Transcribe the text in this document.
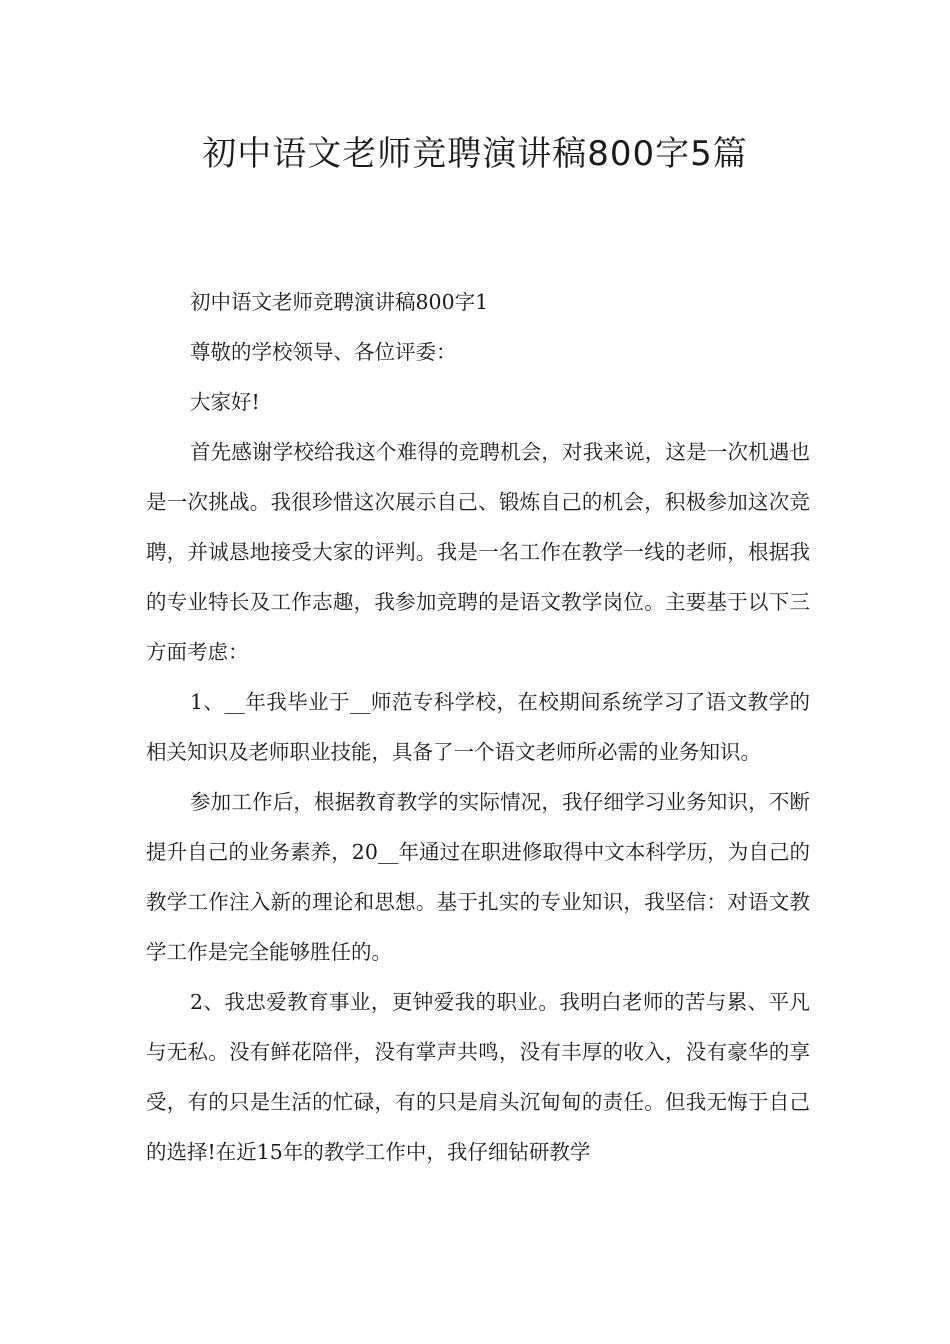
初中语文老师竞聘演讲稿800字5篇

初中语文老师竞聘演讲稿800字1

尊敬的学校领导、各位评委：

大家好!

首先感谢学校给我这个难得的竞聘机会，对我来说，这是一次机遇也是一次挑战。我很珍惜这次展示自己、锻炼自己的机会，积极参加这次竞聘，并诚恳地接受大家的评判。我是一名工作在教学一线的老师，根据我的专业特长及工作志趣，我参加竞聘的是语文教学岗位。主要基于以下三方面考虑：

1、__年我毕业于__师范专科学校，在校期间系统学习了语文教学的相关知识及老师职业技能，具备了一个语文老师所必需的业务知识。

参加工作后，根据教育教学的实际情况，我仔细学习业务知识，不断提升自己的业务素养，20__年通过在职进修取得中文本科学历，为自己的教学工作注入新的理论和思想。基于扎实的专业知识，我坚信：对语文教学工作是完全能够胜任的。

2、我忠爱教育事业，更钟爱我的职业。我明白老师的苦与累、平凡与无私。没有鲜花陪伴，没有掌声共鸣，没有丰厚的收入，没有豪华的享受，有的只是生活的忙碌，有的只是肩头沉甸甸的责任。但我无悔于自己的选择!在近15年的教学工作中，我仔细钻研教学
